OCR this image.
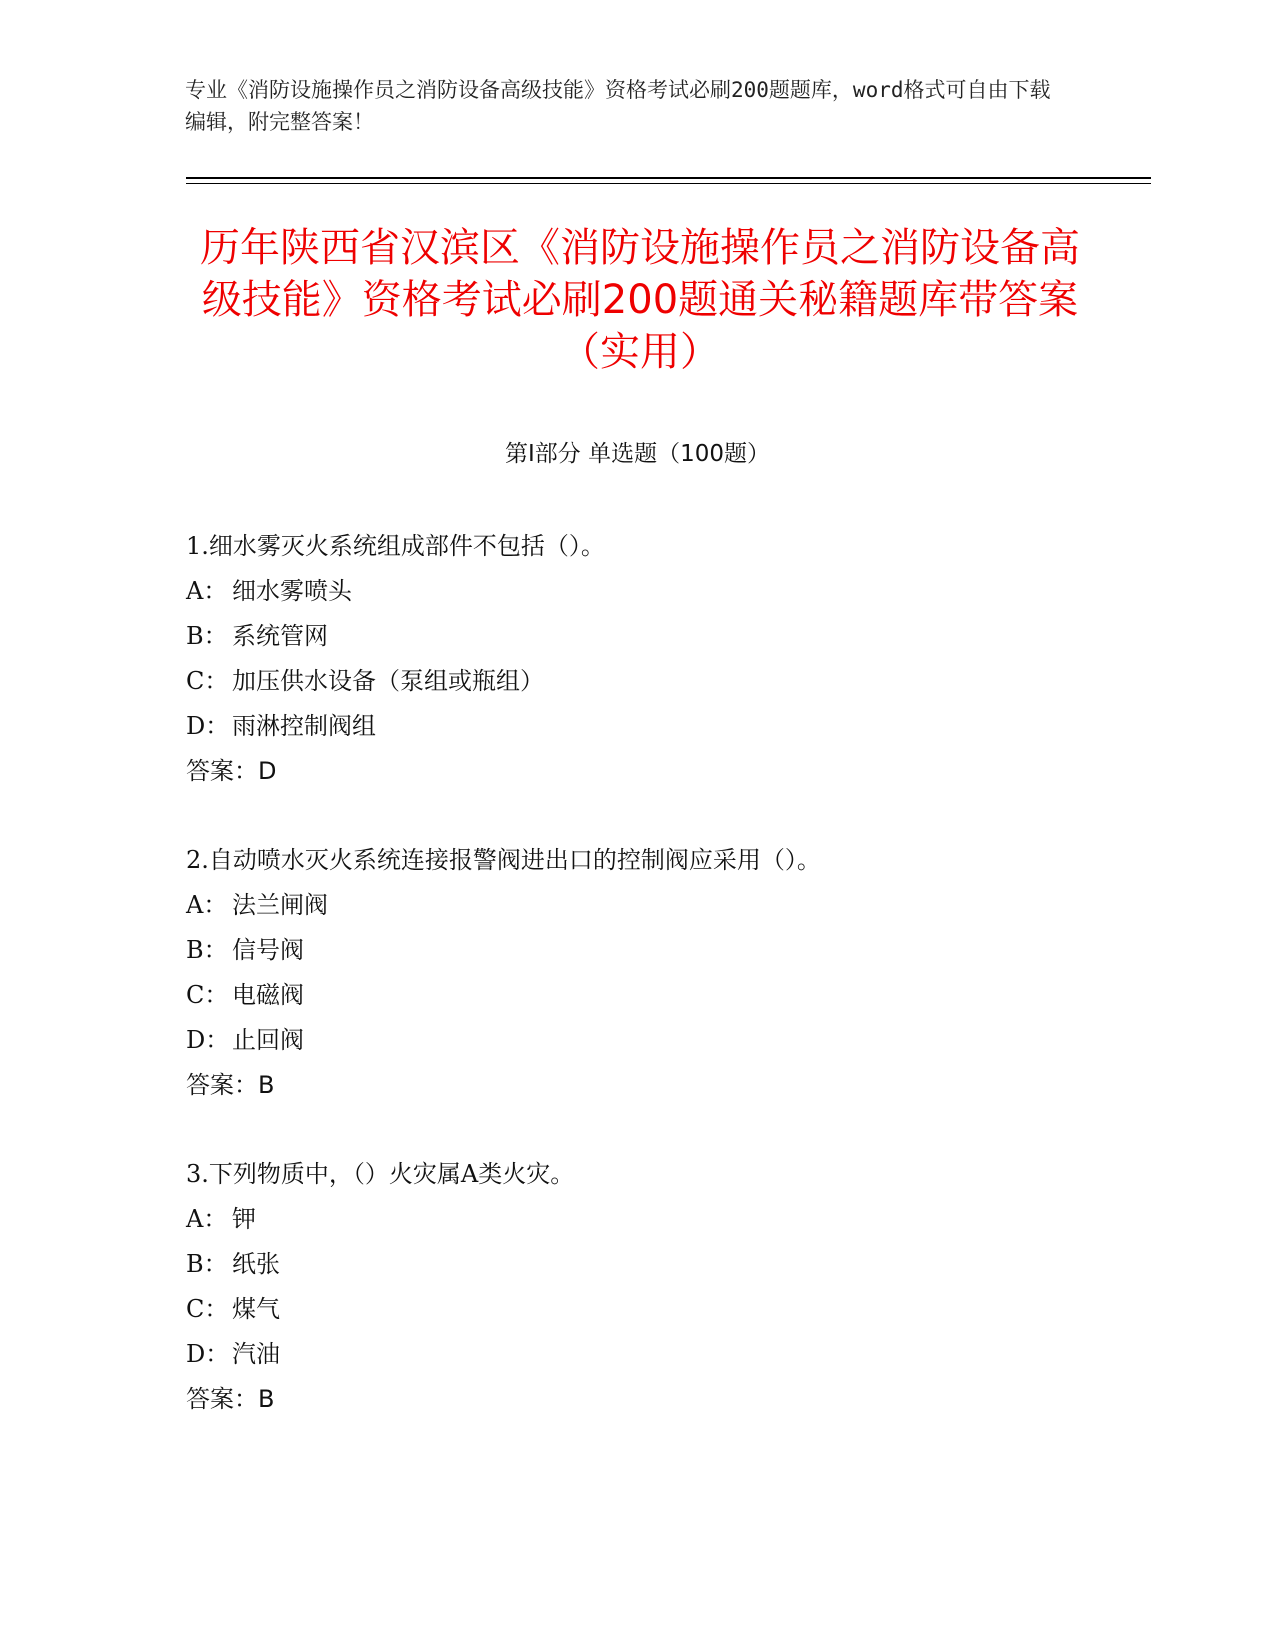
专业《消防设施操作员之消防设备高级技能》资格考试必刷200题题库，word格式可自由下载编辑，附完整答案！

历年陕西省汉滨区《消防设施操作员之消防设备高级技能》资格考试必刷200题通关秘籍题库带答案（实用）
第Ⅰ部分 单选题（100题）

1.细水雾灭火系统组成部件不包括（）。

A： 细水雾喷头

B： 系统管网

C： 加压供水设备（泵组或瓶组）

D： 雨淋控制阀组

答案：D

2.自动喷水灭火系统连接报警阀进出口的控制阀应采用（）。

A： 法兰闸阀

B： 信号阀

C： 电磁阀

D： 止回阀

答案：B

3.下列物质中，（）火灾属A类火灾。

A： 钾

B： 纸张

C： 煤气

D： 汽油

答案：B
